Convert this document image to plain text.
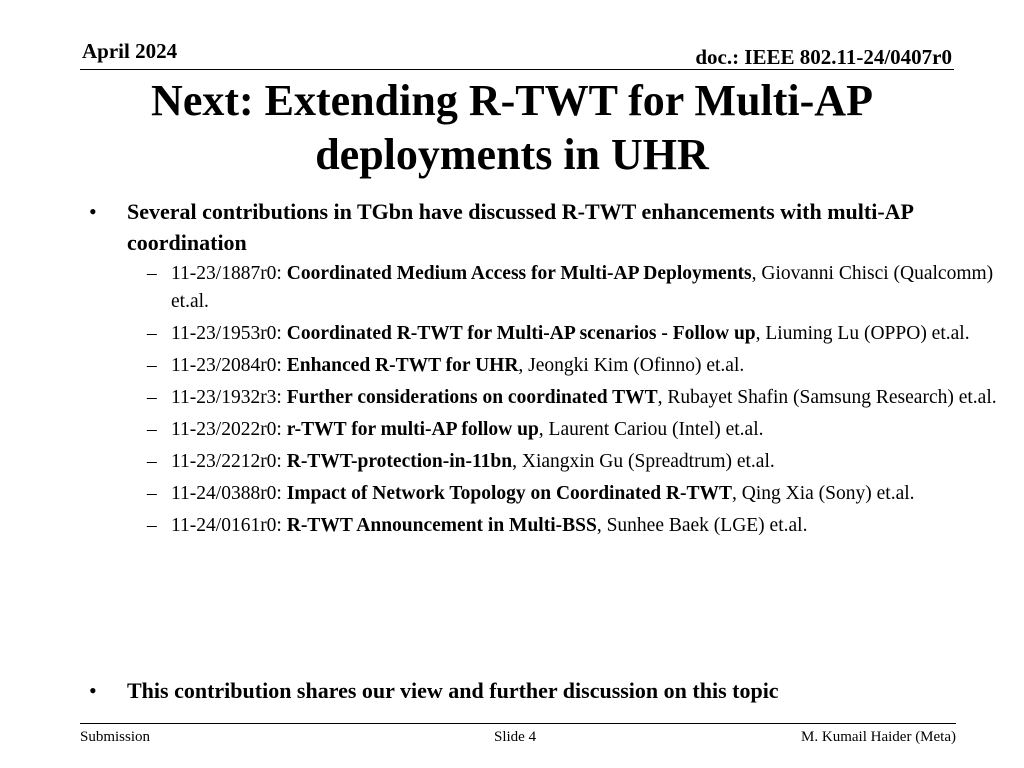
April 2024	doc.: IEEE 802.11-24/0407r0
Next: Extending R-TWT for Multi-AP deployments in UHR
• Several contributions in TGbn have discussed R-TWT enhancements with multi-AP coordination
– 11-23/1887r0: Coordinated Medium Access for Multi-AP Deployments, Giovanni Chisci (Qualcomm) et.al.
– 11-23/1953r0: Coordinated R-TWT for Multi-AP scenarios - Follow up, Liuming Lu (OPPO) et.al.
– 11-23/2084r0: Enhanced R-TWT for UHR, Jeongki Kim (Ofinno) et.al.
– 11-23/1932r3: Further considerations on coordinated TWT, Rubayet Shafin (Samsung Research) et.al.
– 11-23/2022r0: r-TWT for multi-AP follow up, Laurent Cariou (Intel) et.al.
– 11-23/2212r0: R-TWT-protection-in-11bn, Xiangxin Gu (Spreadtrum) et.al.
– 11-24/0388r0: Impact of Network Topology on Coordinated R-TWT, Qing Xia (Sony) et.al.
– 11-24/0161r0: R-TWT Announcement in Multi-BSS, Sunhee Baek (LGE) et.al.
• This contribution shares our view and further discussion on this topic
Submission	Slide 4	M. Kumail Haider (Meta)
